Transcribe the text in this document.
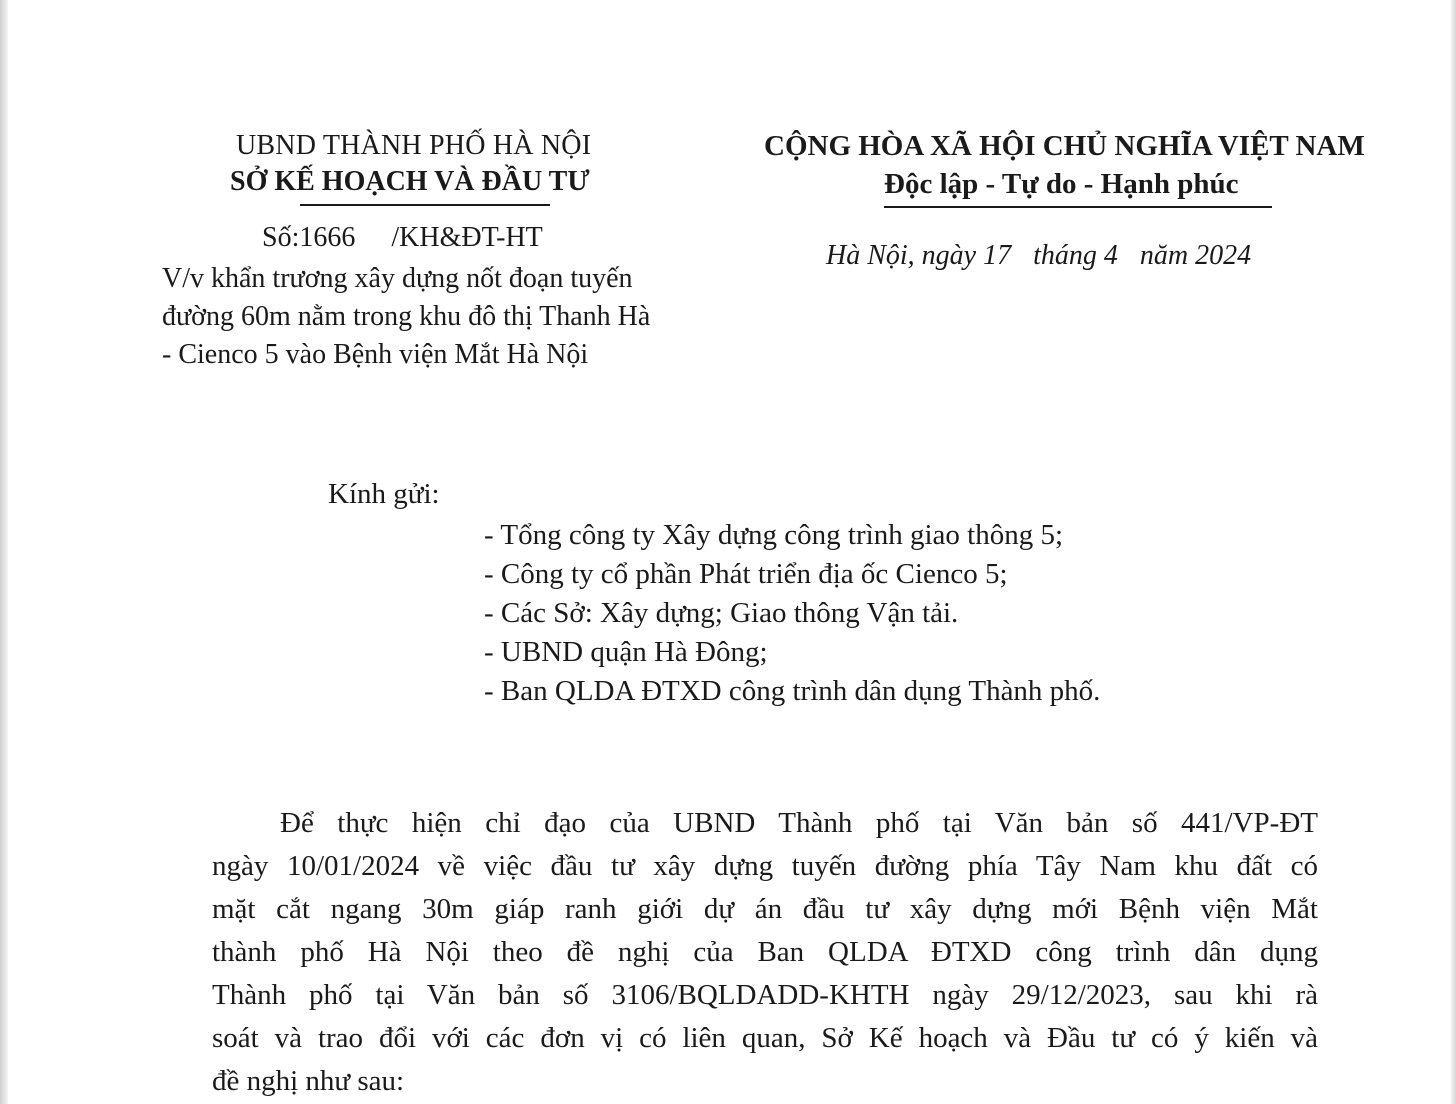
UBND THÀNH PHỐ HÀ NỘI
SỞ KẾ HOẠCH VÀ ĐẦU TƯ
Số:1666 /KH&ĐT-HT
V/v khẩn trương xây dựng nốt đoạn tuyến
đường 60m nằm trong khu đô thị Thanh Hà
- Cienco 5 vào Bệnh viện Mắt Hà Nội
CỘNG HÒA XÃ HỘI CHỦ NGHĨA VIỆT NAM
Độc lập - Tự do - Hạnh phúc
Hà Nội, ngày 17 tháng 4 năm 2024
Kính gửi:
- Tổng công ty Xây dựng công trình giao thông 5;
- Công ty cổ phần Phát triển địa ốc Cienco 5;
- Các Sở: Xây dựng; Giao thông Vận tải.
- UBND quận Hà Đông;
- Ban QLDA ĐTXD công trình dân dụng Thành phố.
Để thực hiện chỉ đạo của UBND Thành phố tại Văn bản số 441/VP-ĐT
ngày 10/01/2024 về việc đầu tư xây dựng tuyến đường phía Tây Nam khu đất có
mặt cắt ngang 30m giáp ranh giới dự án đầu tư xây dựng mới Bệnh viện Mắt
thành phố Hà Nội theo đề nghị của Ban QLDA ĐTXD công trình dân dụng
Thành phố tại Văn bản số 3106/BQLDADD-KHTH ngày 29/12/2023, sau khi rà
soát và trao đổi với các đơn vị có liên quan, Sở Kế hoạch và Đầu tư có ý kiến và
đề nghị như sau:
